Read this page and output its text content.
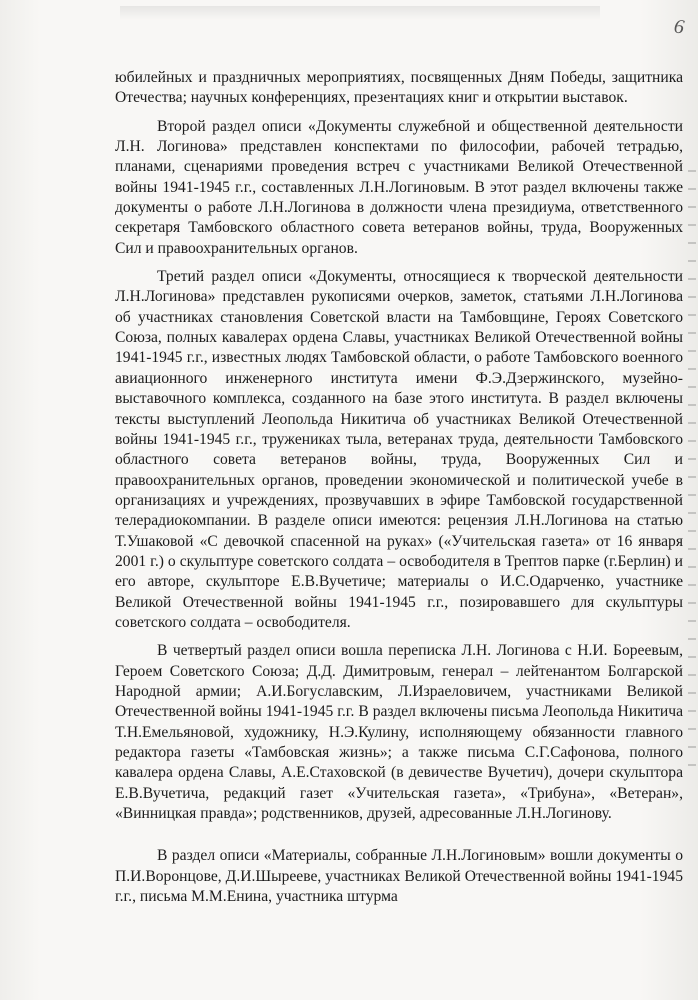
6

юбилейных и праздничных мероприятиях, посвященных Дням Победы, защитника Отечества; научных конференциях, презентациях книг и открытии выставок.

Второй раздел описи «Документы служебной и общественной деятельности Л.Н. Логинова» представлен конспектами по философии, рабочей тетрадью, планами, сценариями проведения встреч с участниками Великой Отечественной войны 1941-1945 г.г., составленных Л.Н.Логиновым. В этот раздел включены также документы о работе Л.Н.Логинова в должности члена президиума, ответственного секретаря Тамбовского областного совета ветеранов войны, труда, Вооруженных Сил и правоохранительных органов.

Третий раздел описи «Документы, относящиеся к творческой деятельности Л.Н.Логинова» представлен рукописями очерков, заметок, статьями Л.Н.Логинова об участниках становления Советской власти на Тамбовщине, Героях Советского Союза, полных кавалерах ордена Славы, участниках Великой Отечественной войны 1941-1945 г.г., известных людях Тамбовской области, о работе Тамбовского военного авиационного инженерного института имени Ф.Э.Дзержинского, музейно-выставочного комплекса, созданного на базе этого института. В раздел включены тексты выступлений Леопольда Никитича об участниках Великой Отечественной войны 1941-1945 г.г., тружениках тыла, ветеранах труда, деятельности Тамбовского областного совета ветеранов войны, труда, Вооруженных Сил и правоохранительных органов, проведении экономической и политической учебе в организациях и учреждениях, прозвучавших в эфире Тамбовской государственной телерадиокомпании. В разделе описи имеются: рецензия Л.Н.Логинова на статью Т.Ушаковой «С девочкой спасенной на руках» («Учительская газета» от 16 января 2001 г.) о скульптуре советского солдата – освободителя в Трептов парке (г.Берлин) и его авторе, скульпторе Е.В.Вучетиче; материалы о И.С.Одарченко, участнике Великой Отечественной войны 1941-1945 г.г., позировавшего для скульптуры советского солдата – освободителя.

В четвертый раздел описи вошла переписка Л.Н. Логинова с Н.И. Бореевым, Героем Советского Союза; Д.Д. Димитровым, генерал – лейтенантом Болгарской Народной армии; А.И.Богуславским, Л.Израеловичем, участниками Великой Отечественной войны 1941-1945 г.г. В раздел включены письма Леопольда Никитича Т.Н.Емельяновой, художнику, Н.Э.Кулину, исполняющему обязанности главного редактора газеты «Тамбовская жизнь»; а также письма С.Г.Сафонова, полного кавалера ордена Славы, А.Е.Стаховской (в девичестве Вучетич), дочери скульптора Е.В.Вучетича, редакций газет «Учительская газета», «Трибуна», «Ветеран», «Винницкая правда»; родственников, друзей, адресованные Л.Н.Логинову.

В раздел описи «Материалы, собранные Л.Н.Логиновым» вошли документы о П.И.Воронцове, Д.И.Шырееве, участниках Великой Отечественной войны 1941-1945 г.г., письма М.М.Енина, участника штурма
